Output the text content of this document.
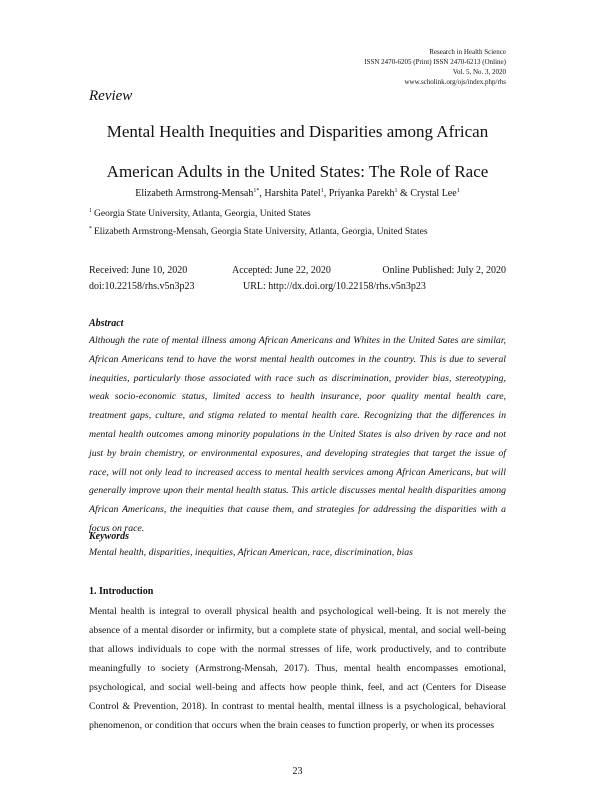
Research in Health Science
ISSN 2470-6205 (Print) ISSN 2470-6213 (Online)
Vol. 5, No. 3, 2020
www.scholink.org/ojs/index.php/rhs
Review
Mental Health Inequities and Disparities among African
American Adults in the United States: The Role of Race
Elizabeth Armstrong-Mensah$^{1*}$, Harshita Patel$^1$, Priyanka Parekh$^1$ & Crystal Lee$^1$
$^1$ Georgia State University, Atlanta, Georgia, United States
* Elizabeth Armstrong-Mensah, Georgia State University, Atlanta, Georgia, United States
Received: June 10, 2020	Accepted: June 22, 2020	Online Published: July 2, 2020
doi:10.22158/rhs.v5n3p23	URL: http://dx.doi.org/10.22158/rhs.v5n3p23
Abstract

Although the rate of mental illness among African Americans and Whites in the United Sates are similar, African Americans tend to have the worst mental health outcomes in the country. This is due to several inequities, particularly those associated with race such as discrimination, provider bias, stereotyping, weak socio-economic status, limited access to health insurance, poor quality mental health care, treatment gaps, culture, and stigma related to mental health care. Recognizing that the differences in mental health outcomes among minority populations in the United States is also driven by race and not just by brain chemistry, or environmental exposures, and developing strategies that target the issue of race, will not only lead to increased access to mental health services among African Americans, but will generally improve upon their mental health status. This article discusses mental health disparities among African Americans, the inequities that cause them, and strategies for addressing the disparities with a focus on race.

Keywords

Mental health, disparities, inequities, African American, race, discrimination, bias

1. Introduction

Mental health is integral to overall physical health and psychological well-being. It is not merely the absence of a mental disorder or infirmity, but a complete state of physical, mental, and social well-being that allows individuals to cope with the normal stresses of life, work productively, and to contribute meaningfully to society (Armstrong-Mensah, 2017). Thus, mental health encompasses emotional, psychological, and social well-being and affects how people think, feel, and act (Centers for Disease Control & Prevention, 2018). In contrast to mental health, mental illness is a psychological, behavioral phenomenon, or condition that occurs when the brain ceases to function properly, or when its processes

23
